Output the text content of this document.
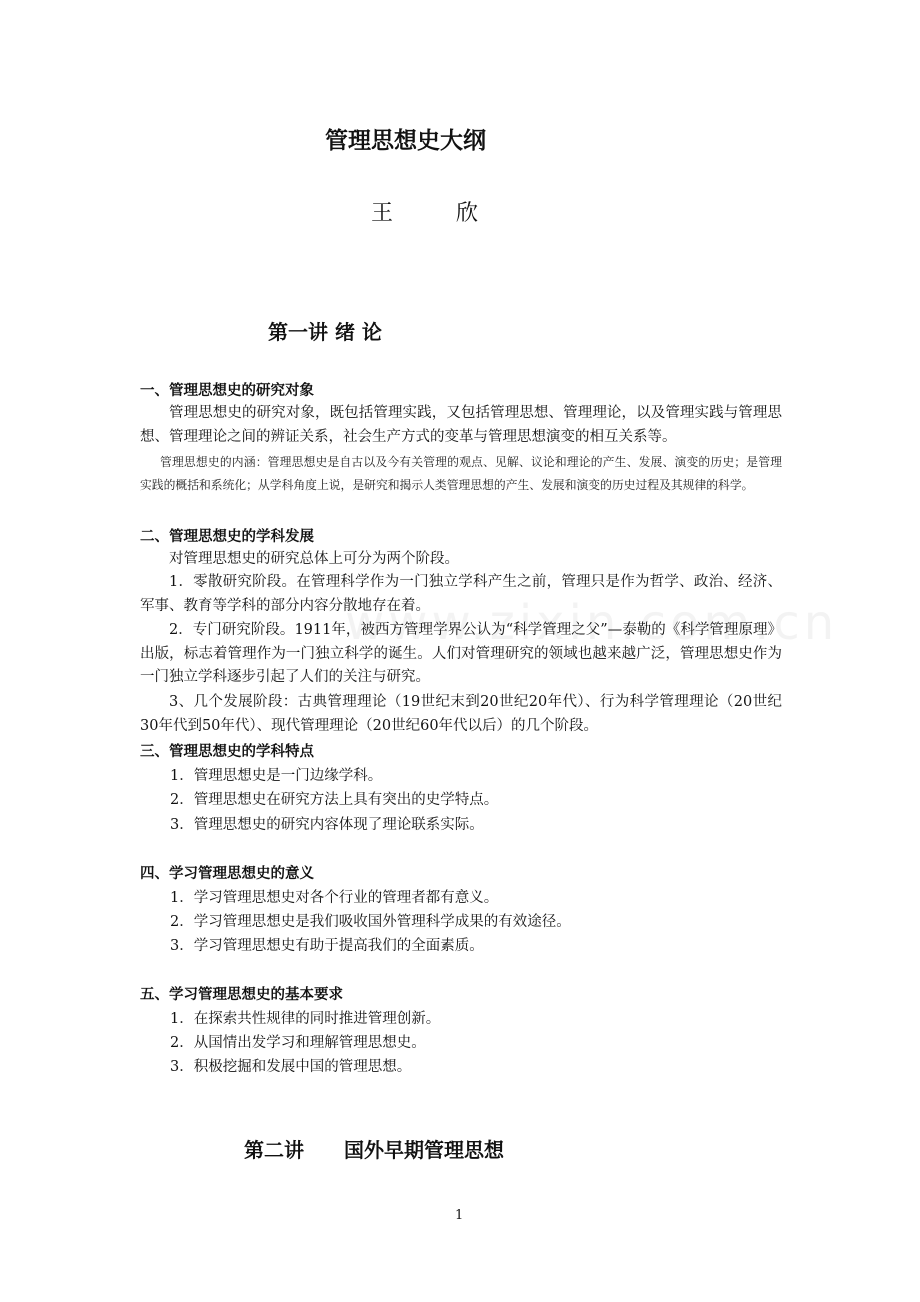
管理思想史大纲
王 欣
第一讲 绪 论
一、管理思想史的研究对象
管理思想史的研究对象，既包括管理实践，又包括管理思想、管理理论，以及管理实践与管理思想、管理理论之间的辨证关系，社会生产方式的变革与管理思想演变的相互关系等。
管理思想史的内涵：管理思想史是自古以及今有关管理的观点、见解、议论和理论的产生、发展、演变的历史；是管理实践的概括和系统化；从学科角度上说，是研究和揭示人类管理思想的产生、发展和演变的历史过程及其规律的科学。
二、管理思想史的学科发展
对管理思想史的研究总体上可分为两个阶段。
1．零散研究阶段。在管理科学作为一门独立学科产生之前，管理只是作为哲学、政治、经济、军事、教育等学科的部分内容分散地存在着。
2．专门研究阶段。1911年，被西方管理学界公认为“科学管理之父”—泰勒的《科学管理原理》出版，标志着管理作为一门独立科学的诞生。人们对管理研究的领域也越来越广泛，管理思想史作为一门独立学科逐步引起了人们的关注与研究。
3、几个发展阶段：古典管理理论（19世纪末到20世纪20年代）、行为科学管理理论（20世纪30年代到50年代）、现代管理理论（20世纪60年代以后）的几个阶段。
三、管理思想史的学科特点
1．管理思想史是一门边缘学科。
2．管理思想史在研究方法上具有突出的史学特点。
3．管理思想史的研究内容体现了理论联系实际。
四、学习管理思想史的意义
1．学习管理思想史对各个行业的管理者都有意义。
2．学习管理思想史是我们吸收国外管理科学成果的有效途径。
3．学习管理思想史有助于提高我们的全面素质。
五、学习管理思想史的基本要求
1．在探索共性规律的同时推进管理创新。
2．从国情出发学习和理解管理思想史。
3．积极挖掘和发展中国的管理思想。
第二讲　　国外早期管理思想
1
